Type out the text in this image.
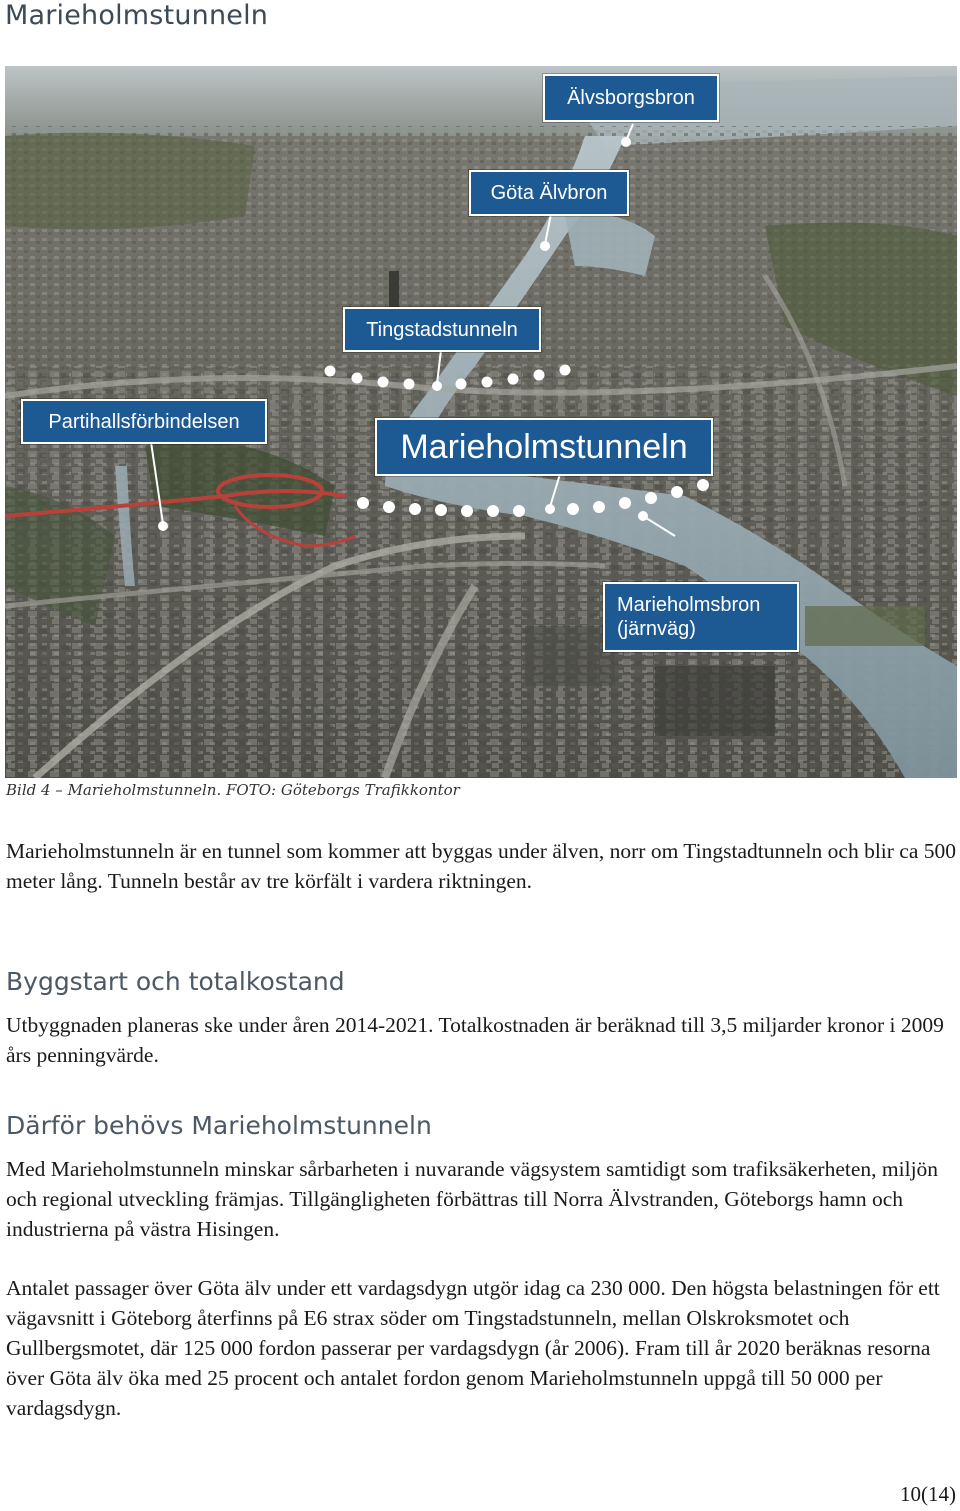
Marieholmstunneln
Älvsborgsbron
Göta Älvbron
Tingstadstunneln
Partihallsförbindelsen
Marieholmstunneln
Marieholmsbron
(järnväg)
Bild 4 – Marieholmstunneln. FOTO: Göteborgs Trafikkontor
Marieholmstunneln är en tunnel som kommer att byggas under älven, norr om Tingstadtunneln och blir ca 500 meter lång. Tunneln består av tre körfält i vardera riktningen.
Byggstart och totalkostand
Utbyggnaden planeras ske under åren 2014-2021. Totalkostnaden är beräknad till 3,5 miljarder kronor i 2009 års penningvärde.
Därför behövs Marieholmstunneln
Med Marieholmstunneln minskar sårbarheten i nuvarande vägsystem samtidigt som trafiksäkerheten, miljön och regional utveckling främjas. Tillgängligheten förbättras till Norra Älvstranden, Göteborgs hamn och industrierna på västra Hisingen.
Antalet passager över Göta älv under ett vardagsdygn utgör idag ca 230 000. Den högsta belastningen för ett vägavsnitt i Göteborg återfinns på E6 strax söder om Tingstadstunneln, mellan Olskroksmotet och Gullbergsmotet, där 125 000 fordon passerar per vardagsdygn (år 2006). Fram till år 2020 beräknas resorna över Göta älv öka med 25 procent och antalet fordon genom Marieholmstunneln uppgå till 50 000 per vardagsdygn.
10(14)
